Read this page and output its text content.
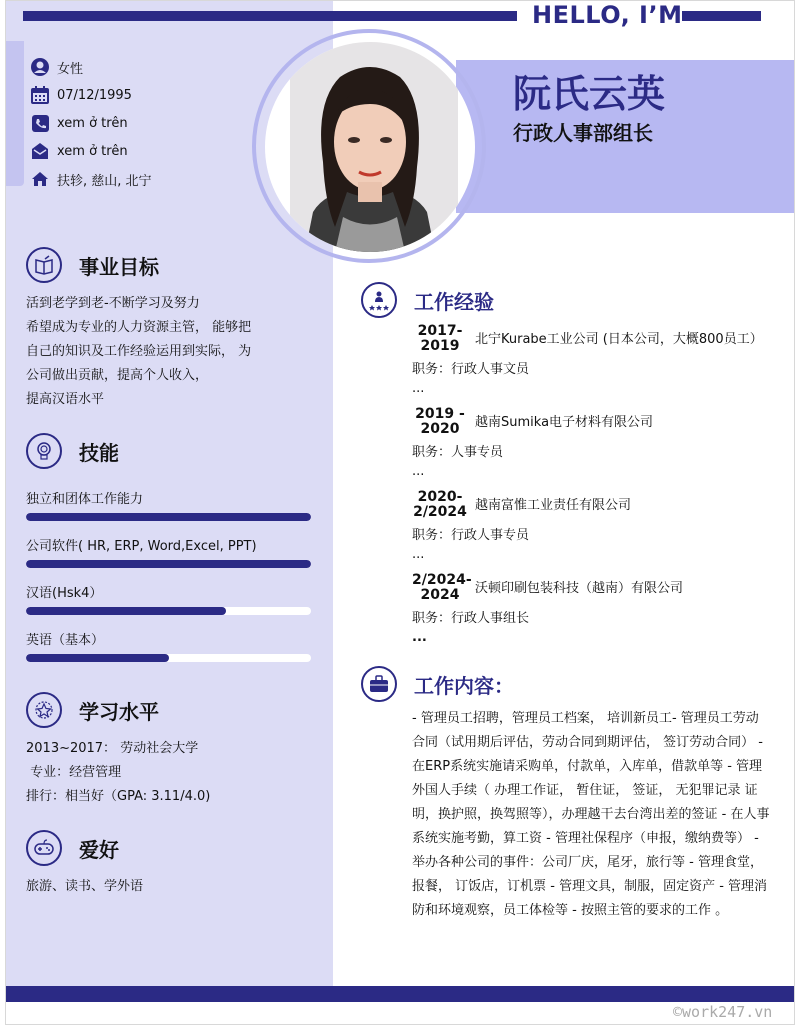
HELLO, I’M
阮氏云英
行政人事部组长
女性
07/12/1995
xem ở trên
xem ở trên
扶轸, 慈山, 北宁
事业目标
活到老学到老-不断学习及努力
希望成为专业的人力资源主管， 能够把
自己的知识及工作经验运用到实际， 为
公司做出贡献，提高个人收入，
提高汉语水平
技能
独立和团体工作能力
公司软件( HR, ERP, Word,Excel, PPT)
汉语(Hsk4）
英语（基本）
学习水平
2013~2017： 劳动社会大学
专业：经营管理
排行：相当好（GPA: 3.11/4.0)
爱好
旅游、读书、学外语
工作经验
2017-
2019	北宁Kurabe工业公司 (日本公司，大概800员工）
职务：行政人事文员
...
2019 -
2020	越南Sumika电子材料有限公司
职务：人事专员
...
2020-
2/2024 越南富惟工业责任有限公司
职务：行政人事专员
...
2/2024-
2024	沃顿印刷包装科技（越南）有限公司
职务：行政人事组长
...
工作内容：
- 管理员工招聘，管理员工档案， 培训新员工- 管理员工劳动合同（试用期后评估，劳动合同到期评估， 签订劳动合同） - 在ERP系统实施请采购单，付款单，入库单，借款单等 - 管理外国人手续（ 办理工作证， 暂住证， 签证， 无犯罪记录 证明，换护照，换驾照等），办理越干去台湾出差的签证 - 在人事系统实施考勤，算工资 - 管理社保程序（申报，缴纳费等） - 举办各种公司的事件：公司厂庆，尾牙，旅行等 - 管理食堂，报餐， 订饭店，订机票 - 管理文具，制服，固定资产 - 管理消防和环境观察，员工体检等 - 按照主管的要求的工作 。
©work247.vn
